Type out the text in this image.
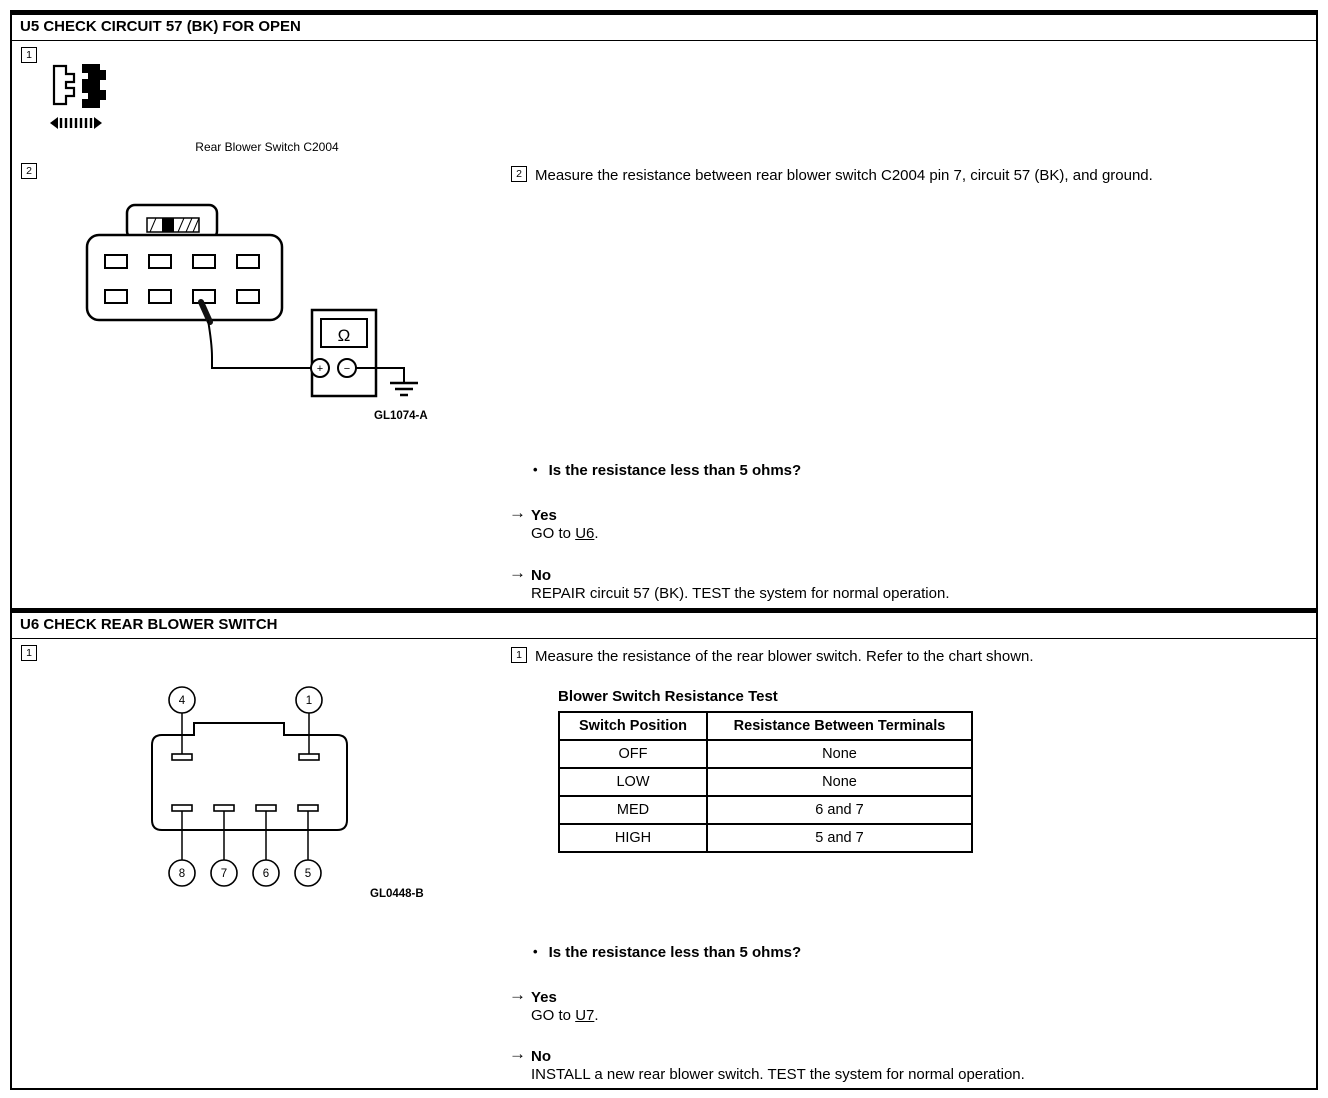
U5 CHECK CIRCUIT 57 (BK) FOR OPEN
1
Rear Blower Switch C2004
2
Ω
+ −
GL1074-A
2 Measure the resistance between rear blower switch C2004 pin 7, circuit 57 (BK), and ground.
• Is the resistance less than 5 ohms?
→ Yes
GO to U6.
→ No
REPAIR circuit 57 (BK). TEST the system for normal operation.
U6 CHECK REAR BLOWER SWITCH
1
4	1
8	7	6	5
GL0448-B
1 Measure the resistance of the rear blower switch. Refer to the chart shown.
Blower Switch Resistance Test
Switch Position	Resistance Between Terminals
OFF	None
LOW	None
MED	6 and 7
HIGH	5 and 7
• Is the resistance less than 5 ohms?
→ Yes
GO to U7.
→ No
INSTALL a new rear blower switch. TEST the system for normal operation.
